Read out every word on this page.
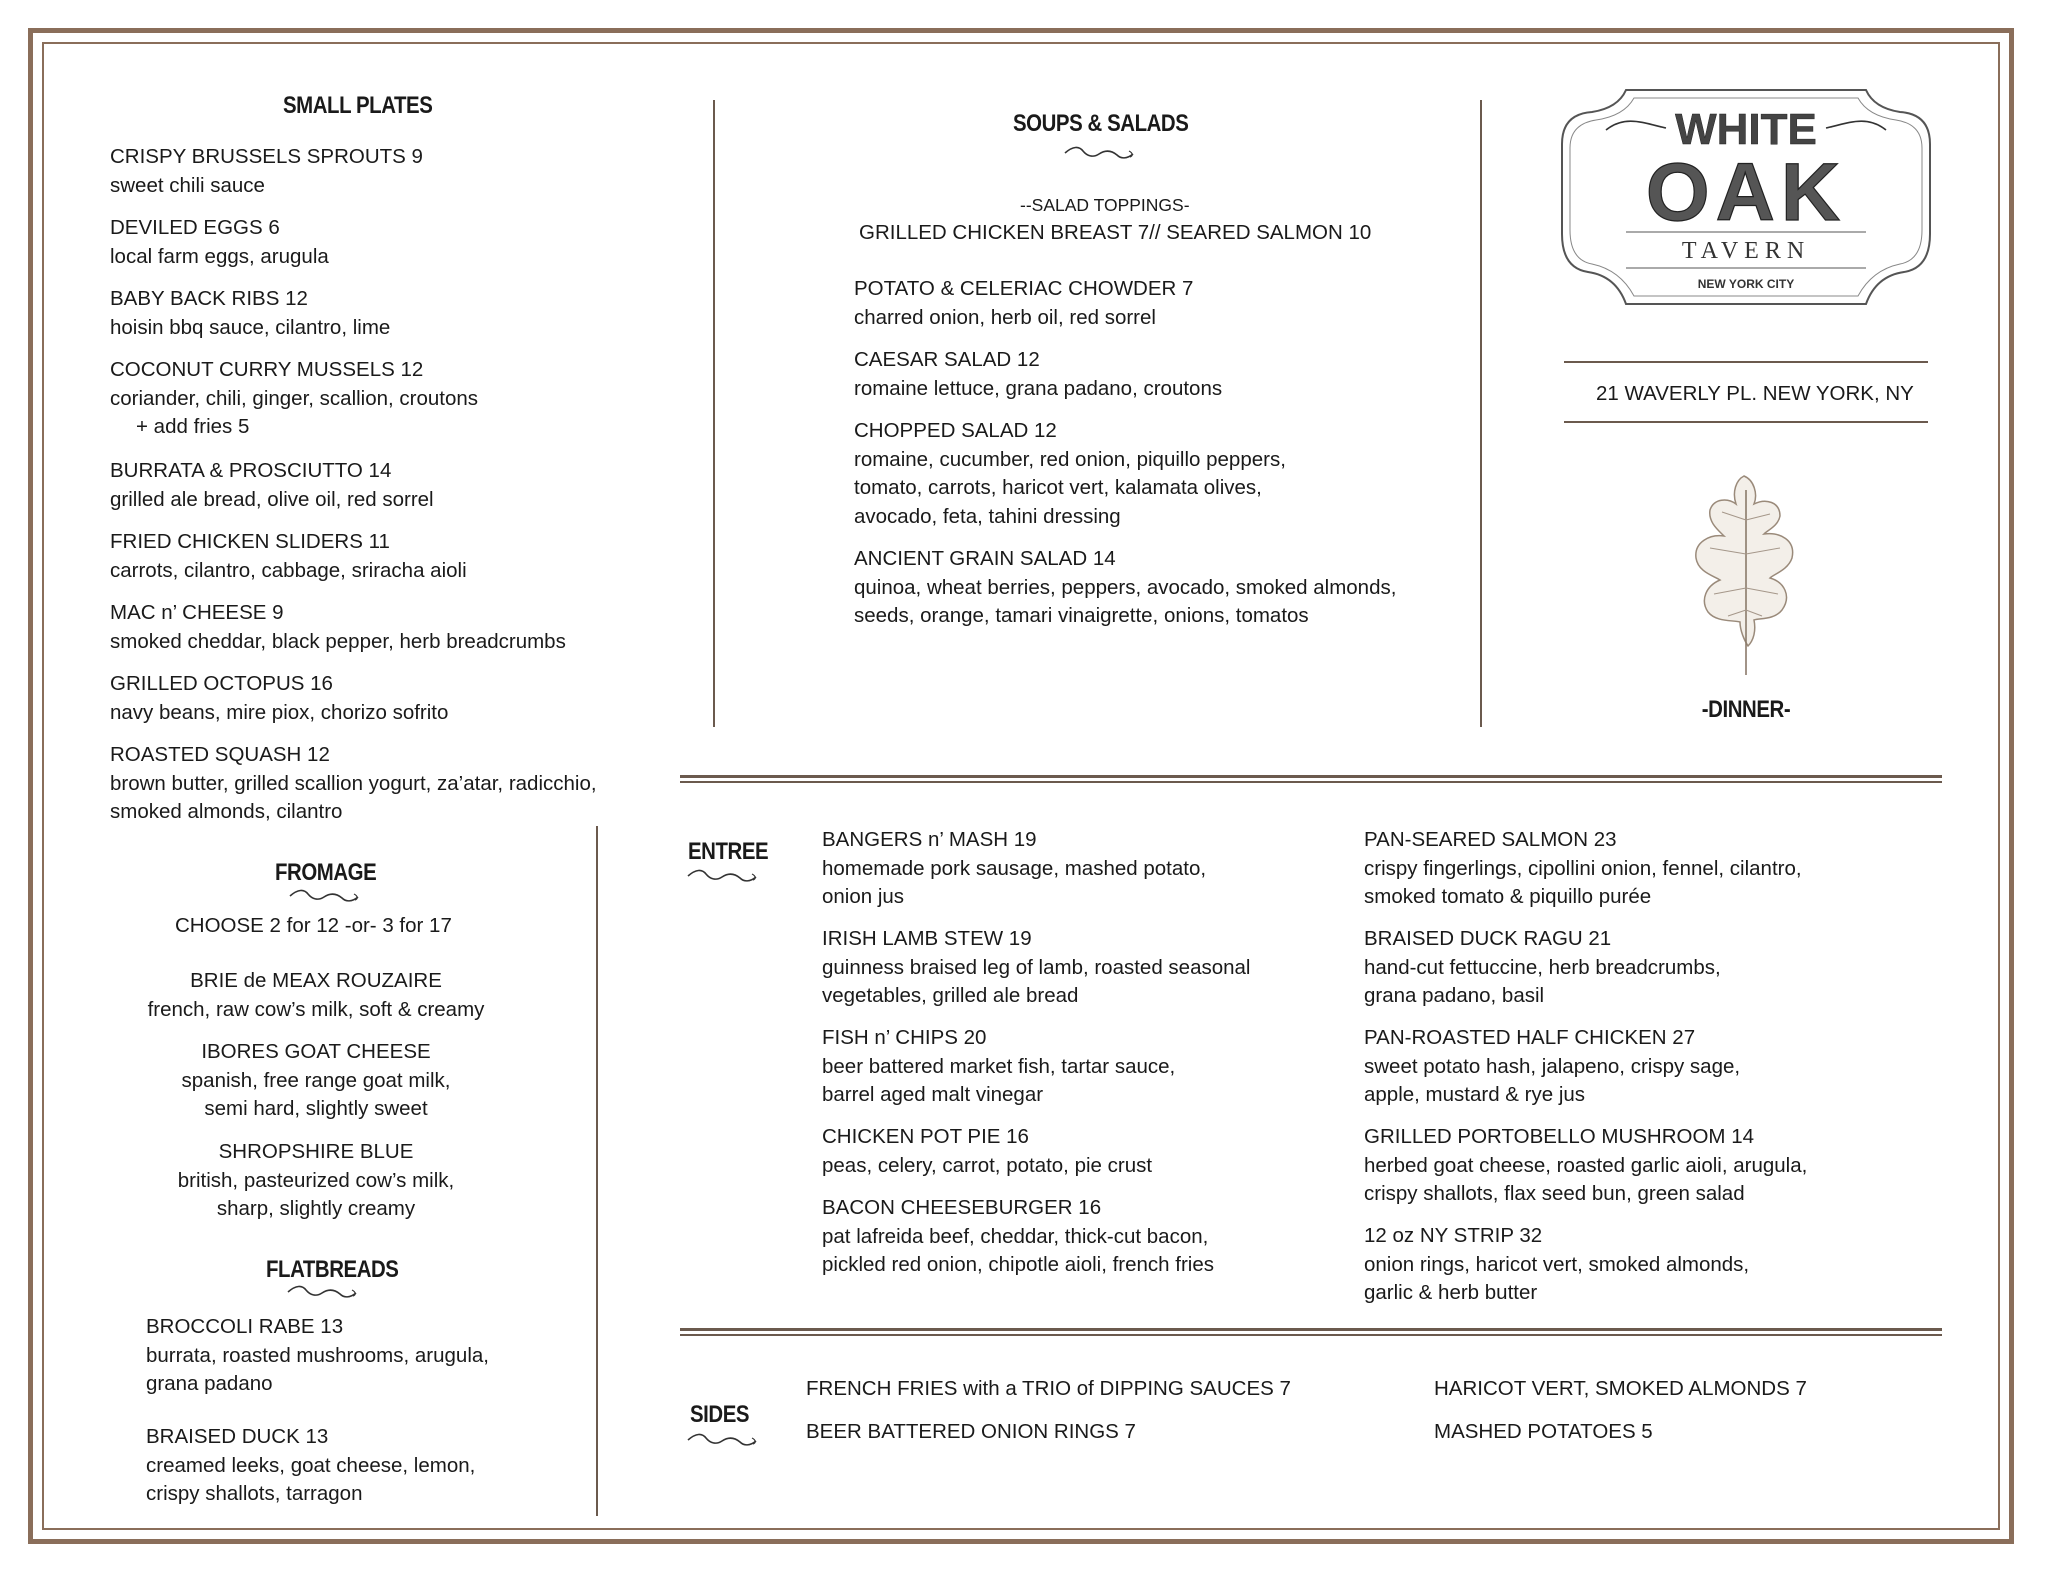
SMALL PLATES
CRISPY BRUSSELS SPROUTS 9
sweet chili sauce
DEVILED EGGS 6
local farm eggs, arugula
BABY BACK RIBS 12
hoisin bbq sauce, cilantro, lime
COCONUT CURRY MUSSELS 12
coriander, chili, ginger, scallion, croutons
+ add fries 5
BURRATA & PROSCIUTTO 14
grilled ale bread, olive oil, red sorrel
FRIED CHICKEN SLIDERS 11
carrots, cilantro, cabbage, sriracha aioli
MAC n’ CHEESE 9
smoked cheddar, black pepper, herb breadcrumbs
GRILLED OCTOPUS 16
navy beans, mire piox, chorizo sofrito
ROASTED SQUASH 12
brown butter, grilled scallion yogurt, za’atar, radicchio,
smoked almonds, cilantro
SOUPS & SALADS
--SALAD TOPPINGS-
GRILLED CHICKEN BREAST 7// SEARED SALMON 10
POTATO & CELERIAC CHOWDER 7
charred onion, herb oil, red sorrel
CAESAR SALAD 12
romaine lettuce, grana padano, croutons
CHOPPED SALAD 12
romaine, cucumber, red onion, piquillo peppers,
tomato, carrots, haricot vert, kalamata olives,
avocado, feta, tahini dressing
ANCIENT GRAIN SALAD 14
quinoa, wheat berries, peppers, avocado, smoked almonds,
seeds, orange, tamari vinaigrette, onions, tomatos
WHITE
OAK
TAVERN
NEW YORK CITY
21 WAVERLY PL. NEW YORK, NY
-DINNER-
FROMAGE
CHOOSE 2 for 12 -or- 3 for 17
BRIE de MEAX ROUZAIRE
french, raw cow’s milk, soft & creamy
IBORES GOAT CHEESE
spanish, free range goat milk,
semi hard, slightly sweet
SHROPSHIRE BLUE
british, pasteurized cow’s milk,
sharp, slightly creamy
FLATBREADS
BROCCOLI RABE 13
burrata, roasted mushrooms, arugula,
grana padano
BRAISED DUCK 13
creamed leeks, goat cheese, lemon,
crispy shallots, tarragon
ENTREE	BANGERS n’ MASH 19
homemade pork sausage, mashed potato,
onion jus
IRISH LAMB STEW 19
guinness braised leg of lamb, roasted seasonal
vegetables, grilled ale bread
FISH n’ CHIPS 20
beer battered market fish, tartar sauce,
barrel aged malt vinegar
CHICKEN POT PIE 16
peas, celery, carrot, potato, pie crust
BACON CHEESEBURGER 16
pat lafreida beef, cheddar, thick-cut bacon,
pickled red onion, chipotle aioli, french fries
PAN-SEARED SALMON 23
crispy fingerlings, cipollini onion, fennel, cilantro,
smoked tomato & piquillo purée
BRAISED DUCK RAGU 21
hand-cut fettuccine, herb breadcrumbs,
grana padano, basil
PAN-ROASTED HALF CHICKEN 27
sweet potato hash, jalapeno, crispy sage,
apple, mustard & rye jus
GRILLED PORTOBELLO MUSHROOM 14
herbed goat cheese, roasted garlic aioli, arugula,
crispy shallots, flax seed bun, green salad
12 oz NY STRIP 32
onion rings, haricot vert, smoked almonds,
garlic & herb butter
SIDES
FRENCH FRIES with a TRIO of DIPPING SAUCES 7
BEER BATTERED ONION RINGS 7
HARICOT VERT, SMOKED ALMONDS 7
MASHED POTATOES 5
